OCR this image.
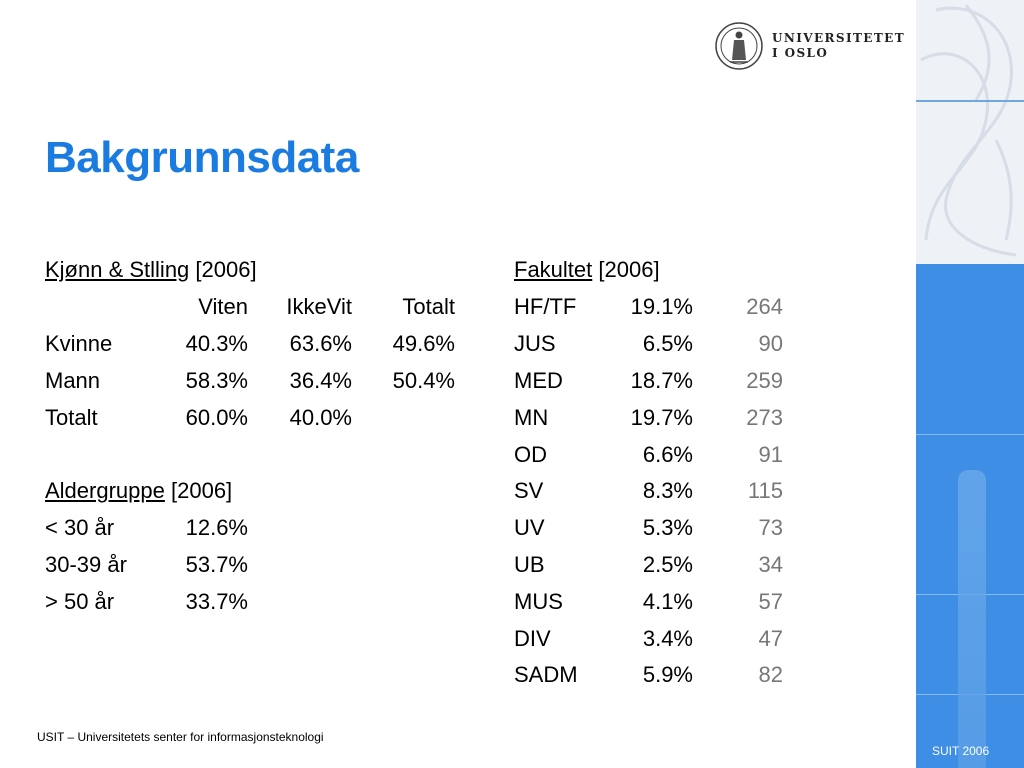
UNIVERSITETET
I OSLO
Bakgrunnsdata
Kjønn & Stlling [2006]
Viten	IkkeVit	Totalt
Kvinne	40.3%	63.6%	49.6%
Mann	58.3%	36.4%	50.4%
Totalt	60.0%	40.0%
Aldergruppe [2006]
< 30 år	12.6%
30-39 år	53.7%
> 50 år	33.7%
Fakultet [2006]
HF/TF	19.1%	264
JUS	6.5%	90
MED	18.7%	259
MN	19.7%	273
OD	6.6%	91
SV	8.3%	115
UV	5.3%	73
UB	2.5%	34
MUS	4.1%	57
DIV	3.4%	47
SADM	5.9%	82
USIT – Universitetets senter for informasjonsteknologi
SUIT 2006
